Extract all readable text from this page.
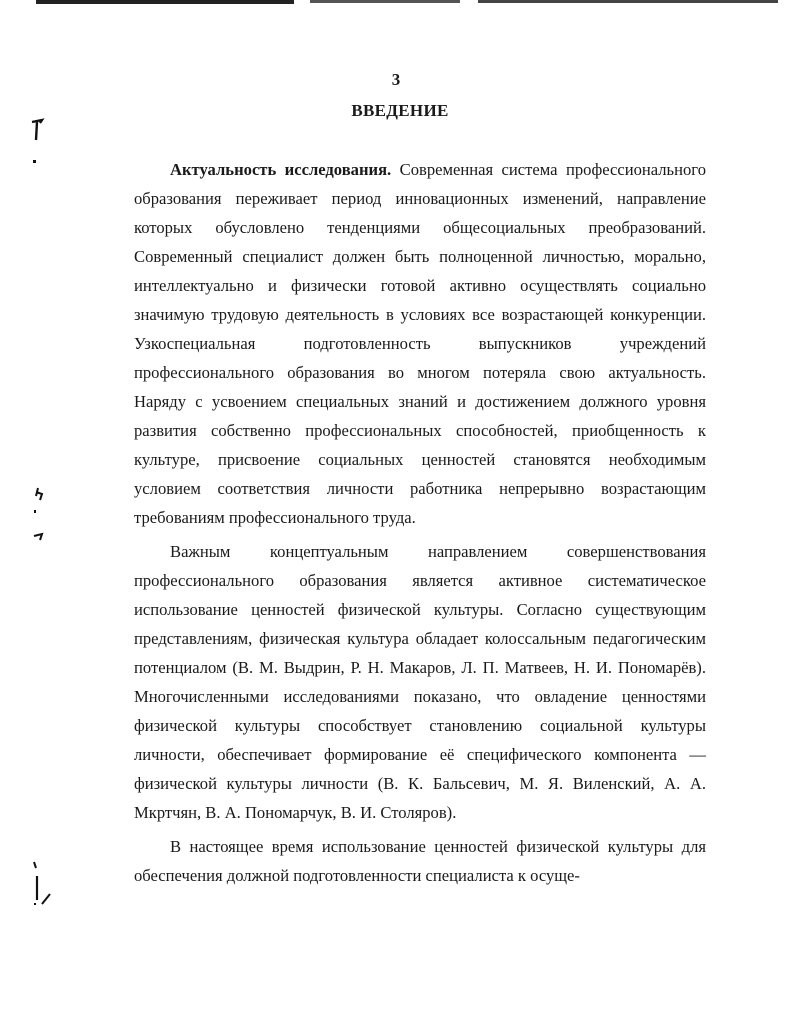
3
ВВЕДЕНИЕ

Актуальность исследования. Современная система профессионального образования переживает период инновационных изменений, направление которых обусловлено тенденциями общесоциальных преобразований. Современный специалист должен быть полноценной личностью, морально, интеллектуально и физически готовой активно осуществлять социально значимую трудовую деятельность в условиях все возрастающей конкуренции. Узкоспециальная подготовленность выпускников учреждений профессионального образования во многом потеряла свою актуальность. Наряду с усвоением специальных знаний и достижением должного уровня развития собственно профессиональных способностей, приобщенность к культуре, присвоение социальных ценностей становятся необходимым условием соответствия личности работника непрерывно возрастающим требованиям профессионального труда.

Важным концептуальным направлением совершенствования профессионального образования является активное систематическое использование ценностей физической культуры. Согласно существующим представлениям, физическая культура обладает колоссальным педагогическим потенциалом (В. М. Выдрин, Р. Н. Макаров, Л. П. Матвеев, Н. И. Пономарёв). Многочисленными исследованиями показано, что овладение ценностями физической культуры способствует становлению социальной культуры личности, обеспечивает формирование её специфического компонента — физической культуры личности (В. К. Бальсевич, М. Я. Виленский, А. А. Мкртчян, В. А. Пономарчук, В. И. Столяров).

В настоящее время использование ценностей физической культуры для обеспечения должной подготовленности специалиста к осуще-
